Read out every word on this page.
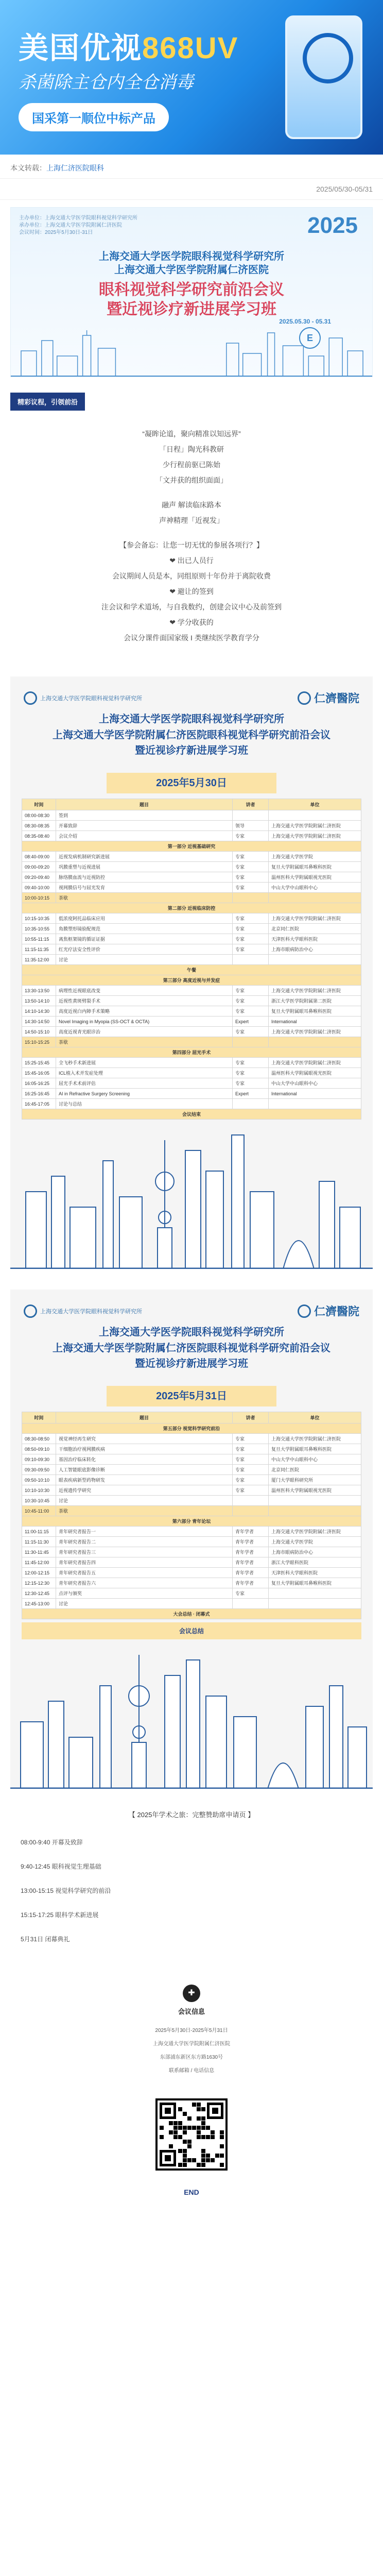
美国优视868UV
杀菌除主仓内全仓消毒
国采第一顺位中标产品
本文转载：上海仁济医院眼科
2025/05/30-05/31
主办单位：上海交通大学医学院眼科视觉科学研究所
承办单位：上海交通大学医学院附属仁济医院
会议时间：2025年5月30日-31日	2025
上海交通大学医学院眼科视觉科学研究所
上海交通大学医学院附属仁济医院
眼科视觉科学研究前沿会议
暨近视诊疗新进展学习班
2025.05.30 - 05.31
E
精彩议程，引领前沿
“凝眸论道，聚向精准以知远界”
「日程」陶光科教研
少行程前驱已陈始
「文并获的组织面面」
融声 解读临床路本
声神精理「近视发」
【参会备忘：让您一切无忧的参展各项行？】
❤ 出已人员行
会议期间人员是本，同组原则十年份并于离院收费
❤ 避让的签到
注会议和学术道场，与自我数约，创建会议中心及前签到
❤ 学分收获的
会议分课件面国家级 I 类继续医学教育学分
上海交通大学医学院眼科视觉科学研究所	仁濟醫院
上海交通大学医学院眼科视觉科学研究所
上海交通大学医学院附属仁济医院眼科视觉科学研究前沿会议
暨近视诊疗新进展学习班
2025年5月30日
时间	题目	讲者	单位
08:00-08:30	签到		
08:30-08:35	开幕致辞	领导	上海交通大学医学院附属仁济医院
08:35-08:40	会议介绍	专家	上海交通大学医学院附属仁济医院
第一部分 近视基础研究			
08:40-09:00	近视发病机制研究新进展	专家	上海交通大学医学院
09:00-09:20	巩膜重塑与近视进展	专家	复旦大学附属眼耳鼻喉科医院
09:20-09:40	脉络膜血流与近视防控	专家	温州医科大学附属眼视光医院
09:40-10:00	视网膜信号与屈光发育	专家	中山大学中山眼科中心
10:00-10:15	茶歇		
第二部分 近视临床防控			
10:15-10:35	低浓度阿托品临床应用	专家	上海交通大学医学院附属仁济医院
10:35-10:55	角膜塑形镜验配规范	专家	北京同仁医院
10:55-11:15	离焦框架镜的循证证据	专家	天津医科大学眼科医院
11:15-11:35	红光疗法安全性评价	专家	上海市眼病防治中心
11:35-12:00	讨论		
午餐			
第三部分 高度近视与并发症			
13:30-13:50	病理性近视眼底改变	专家	上海交通大学医学院附属仁济医院
13:50-14:10	近视性黄斑劈裂手术	专家	浙江大学医学院附属第二医院
14:10-14:30	高度近视白内障手术策略	专家	复旦大学附属眼耳鼻喉科医院
14:30-14:50	Novel Imaging in Myopia (SS-OCT & OCTA)	Expert	International
14:50-15:10	高度近视青光眼诊治	专家	上海交通大学医学院附属仁济医院
15:10-15:25	茶歇		
第四部分 屈光手术			
15:25-15:45	全飞秒手术新进展	专家	上海交通大学医学院附属仁济医院
15:45-16:05	ICL植入术并发症处理	专家	温州医科大学附属眼视光医院
16:05-16:25	屈光手术术前评估	专家	中山大学中山眼科中心
16:25-16:45	AI in Refractive Surgery Screening	Expert	International
16:45-17:05	讨论与总结		
会议结束			
上海交通大学医学院眼科视觉科学研究所	仁濟醫院
上海交通大学医学院眼科视觉科学研究所
上海交通大学医学院附属仁济医院眼科视觉科学研究前沿会议
暨近视诊疗新进展学习班
2025年5月31日
时间	题目	讲者	单位
第五部分 视觉科学研究前沿			
08:30-08:50	视觉神经再生研究	专家	上海交通大学医学院附属仁济医院
08:50-09:10	干细胞治疗视网膜疾病	专家	复旦大学附属眼耳鼻喉科医院
09:10-09:30	基因治疗临床转化	专家	中山大学中山眼科中心
09:30-09:50	人工智能眼底影像诊断	专家	北京同仁医院
09:50-10:10	眼表疾病新型药物研发	专家	厦门大学眼科研究所
10:10-10:30	近视遗传学研究	专家	温州医科大学附属眼视光医院
10:30-10:45	讨论		
10:45-11:00	茶歇		
第六部分 青年论坛			
11:00-11:15	青年研究者报告一	青年学者	上海交通大学医学院附属仁济医院
11:15-11:30	青年研究者报告二	青年学者	上海交通大学医学院
11:30-11:45	青年研究者报告三	青年学者	上海市眼病防治中心
11:45-12:00	青年研究者报告四	青年学者	浙江大学眼科医院
12:00-12:15	青年研究者报告五	青年学者	天津医科大学眼科医院
12:15-12:30	青年研究者报告六	青年学者	复旦大学附属眼耳鼻喉科医院
12:30-12:45	点评与颁奖	专家	
12:45-13:00	讨论		
大会总结 · 闭幕式			
会议总结
【 2025年学术之旅：完整赞助席申请页 】
08:00-9:40 开幕及致辞
9:40-12:45 眼科视觉生理基础
13:00-15:15 视觉科学研究的前沿
15:15-17:25 眼科学术新进展
5月31日 闭幕典礼
✚
会议信息
2025年5月30日-2025年5月31日
上海交通大学医学院附属仁济医院
东部浦东新区东方路1630号
联系邮箱 / 电话信息
END
